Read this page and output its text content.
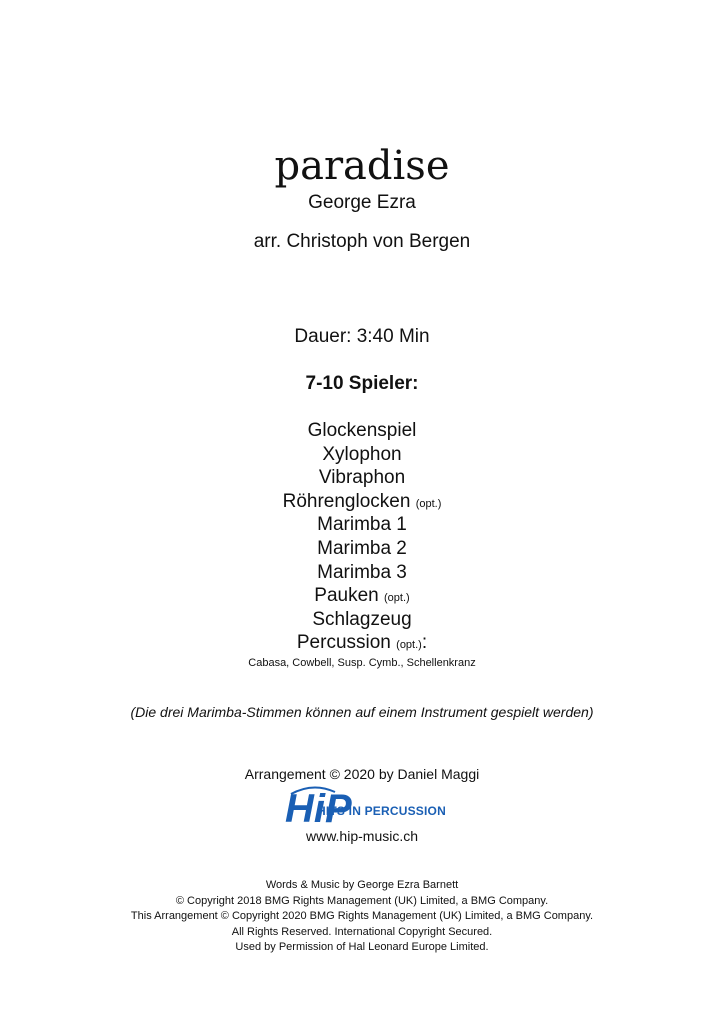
paradise
George Ezra
arr. Christoph von Bergen
Dauer: 3:40 Min
7-10 Spieler:
Glockenspiel
Xylophon
Vibraphon
Röhrenglocken (opt.)
Marimba 1
Marimba 2
Marimba 3
Pauken (opt.)
Schlagzeug
Percussion (opt.):
Cabasa, Cowbell, Susp. Cymb., Schellenkranz
(Die drei Marimba-Stimmen können auf einem Instrument gespielt werden)
Arrangement © 2020 by Daniel Maggi
HiP
HITS IN PERCUSSION
www.hip-music.ch
Words & Music by George Ezra Barnett
© Copyright 2018 BMG Rights Management (UK) Limited, a BMG Company.
This Arrangement © Copyright 2020 BMG Rights Management (UK) Limited, a BMG Company.
All Rights Reserved. International Copyright Secured.
Used by Permission of Hal Leonard Europe Limited.
